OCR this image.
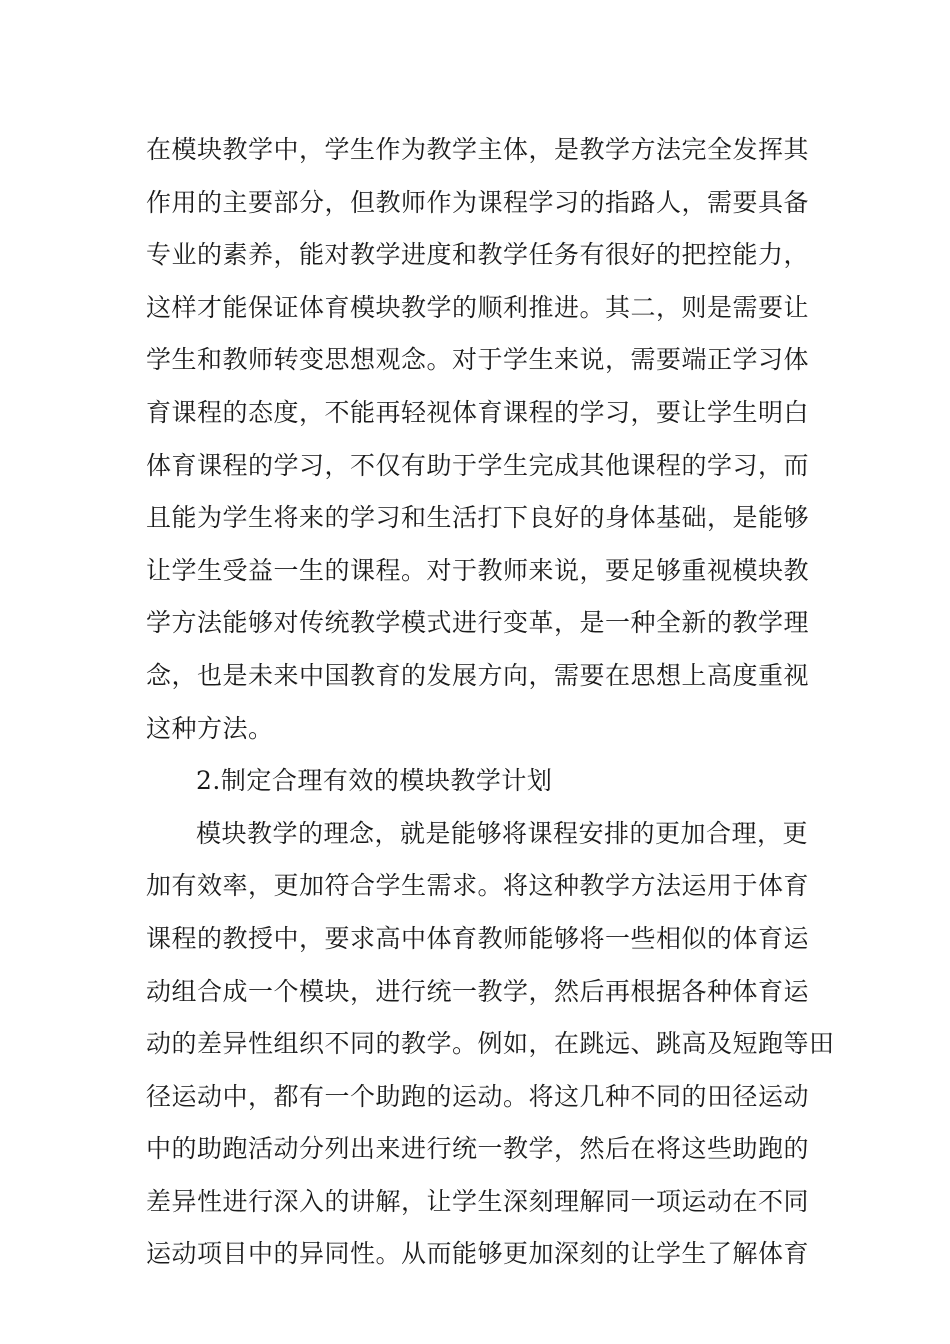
在模块教学中，学生作为教学主体，是教学方法完全发挥其
作用的主要部分，但教师作为课程学习的指路人，需要具备
专业的素养，能对教学进度和教学任务有很好的把控能力，
这样才能保证体育模块教学的顺利推进。其二，则是需要让
学生和教师转变思想观念。对于学生来说，需要端正学习体
育课程的态度，不能再轻视体育课程的学习，要让学生明白
体育课程的学习，不仅有助于学生完成其他课程的学习，而
且能为学生将来的学习和生活打下良好的身体基础，是能够
让学生受益一生的课程。对于教师来说，要足够重视模块教
学方法能够对传统教学模式进行变革，是一种全新的教学理
念，也是未来中国教育的发展方向，需要在思想上高度重视
这种方法。
2.制定合理有效的模块教学计划
模块教学的理念，就是能够将课程安排的更加合理，更
加有效率，更加符合学生需求。将这种教学方法运用于体育
课程的教授中，要求高中体育教师能够将一些相似的体育运
动组合成一个模块，进行统一教学，然后再根据各种体育运
动的差异性组织不同的教学。例如，在跳远、跳高及短跑等田
径运动中，都有一个助跑的运动。将这几种不同的田径运动
中的助跑活动分列出来进行统一教学，然后在将这些助跑的
差异性进行深入的讲解，让学生深刻理解同一项运动在不同
运动项目中的异同性。从而能够更加深刻的让学生了解体育
